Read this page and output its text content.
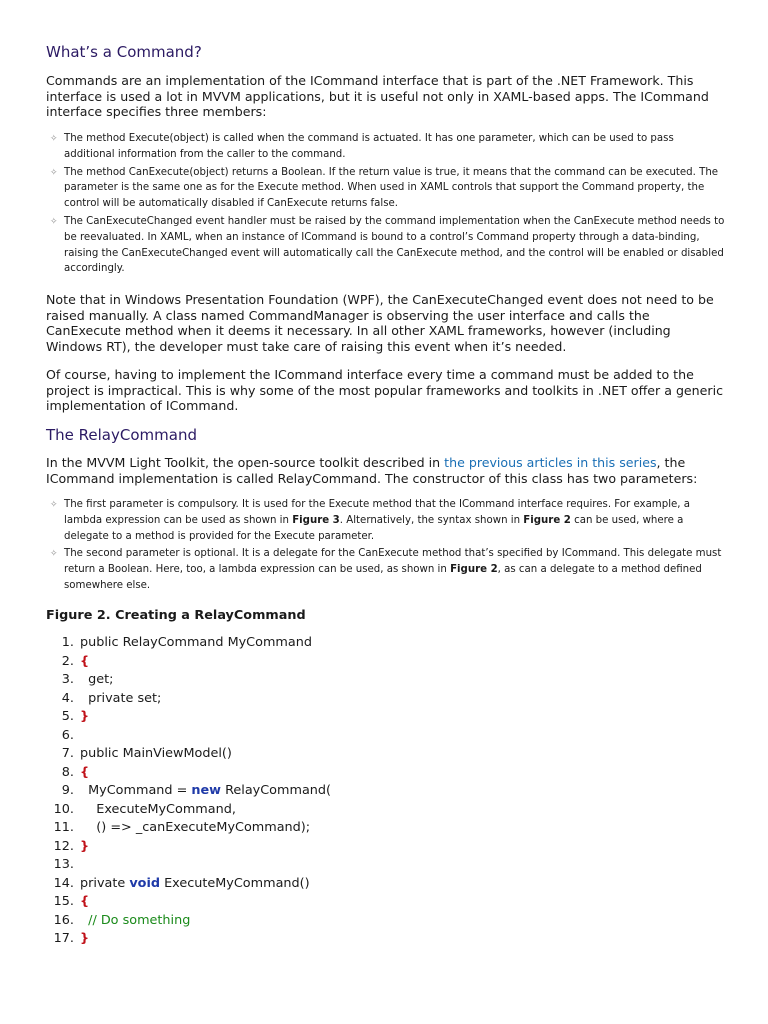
What’s a Command?

Commands are an implementation of the ICommand interface that is part of the .NET Framework. This interface is used a lot in MVVM applications, but it is useful not only in XAML-based apps. The ICommand interface specifies three members:

✧ The method Execute(object) is called when the command is actuated. It has one parameter, which can be used to pass additional information from the caller to the command.
✧ The method CanExecute(object) returns a Boolean. If the return value is true, it means that the command can be executed. The parameter is the same one as for the Execute method. When used in XAML controls that support the Command property, the control will be automatically disabled if CanExecute returns false.
✧ The CanExecuteChanged event handler must be raised by the command implementation when the CanExecute method needs to be reevaluated. In XAML, when an instance of ICommand is bound to a control’s Command property through a data-binding, raising the CanExecuteChanged event will automatically call the CanExecute method, and the control will be enabled or disabled accordingly.

Note that in Windows Presentation Foundation (WPF), the CanExecuteChanged event does not need to be raised manually. A class named CommandManager is observing the user interface and calls the CanExecute method when it deems it necessary. In all other XAML frameworks, however (including Windows RT), the developer must take care of raising this event when it’s needed.

Of course, having to implement the ICommand interface every time a command must be added to the project is impractical. This is why some of the most popular frameworks and toolkits in .NET offer a generic implementation of ICommand.

The RelayCommand

In the MVVM Light Toolkit, the open-source toolkit described in the previous articles in this series, the ICommand implementation is called RelayCommand. The constructor of this class has two parameters:

✧ The first parameter is compulsory. It is used for the Execute method that the ICommand interface requires. For example, a lambda expression can be used as shown in Figure 3. Alternatively, the syntax shown in Figure 2 can be used, where a delegate to a method is provided for the Execute parameter.
✧ The second parameter is optional. It is a delegate for the CanExecute method that’s specified by ICommand. This delegate must return a Boolean. Here, too, a lambda expression can be used, as shown in Figure 2, as can a delegate to a method defined somewhere else.

Figure 2. Creating a RelayCommand

1. public RelayCommand MyCommand
2. {
3.  get;
4.  private set;
5. }
6.
7. public MainViewModel()
8. {
9.  MyCommand = new RelayCommand(
10.    ExecuteMyCommand,
11.    () => _canExecuteMyCommand);
12. }
13.
14. private void ExecuteMyCommand()
15. {
16.  // Do something
17. }
